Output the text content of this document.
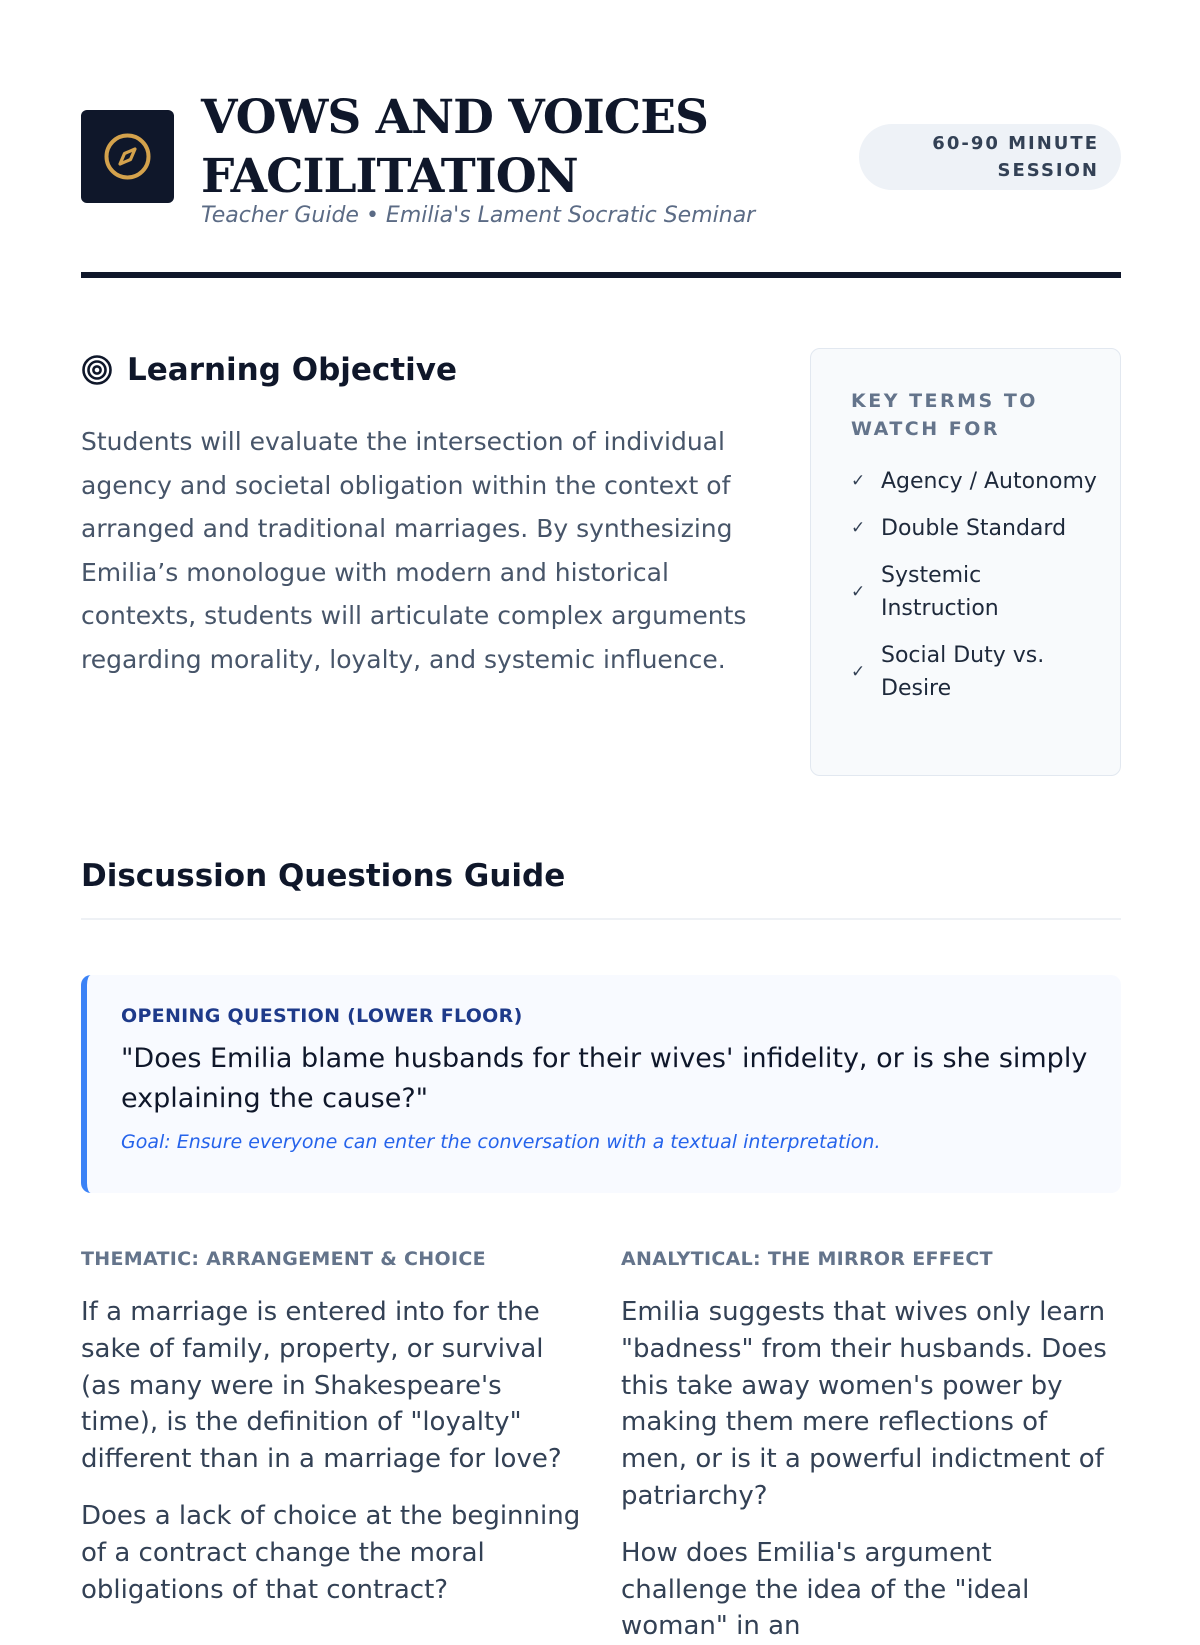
VOWS AND VOICES FACILITATION
Teacher Guide • Emilia's Lament Socratic Seminar
60-90 MINUTE SESSION
Learning Objective

Students will evaluate the intersection of individual agency and societal obligation within the context of arranged and traditional marriages. By synthesizing Emilia’s monologue with modern and historical contexts, students will articulate complex arguments regarding morality, loyalty, and systemic influence.

KEY TERMS TO WATCH FOR
✓ Agency / Autonomy
✓ Double Standard
✓
Systemic Instruction
✓
Social Duty vs. Desire
Discussion Questions Guide
OPENING QUESTION (LOWER FLOOR)
"Does Emilia blame husbands for their wives' infidelity, or is she simply explaining the cause?"
Goal: Ensure everyone can enter the conversation with a textual interpretation.
THEMATIC: ARRANGEMENT & CHOICE

If a marriage is entered into for the sake of family, property, or survival (as many were in Shakespeare's time), is the definition of "loyalty" different than in a marriage for love?

Does a lack of choice at the beginning of a contract change the moral obligations of that contract?

ANALYTICAL: THE MIRROR EFFECT

Emilia suggests that wives only learn "badness" from their husbands. Does this take away women's power by making them mere reflections of men, or is it a powerful indictment of patriarchy?

How does Emilia's argument challenge the idea of the "ideal woman" in an
